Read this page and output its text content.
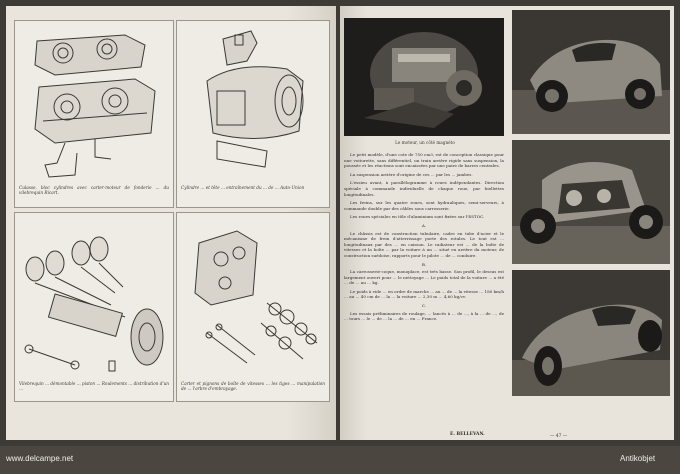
Culasse, bloc cylindres avec carter-moteur de fonderie ... du vilebrequin Ricart.
Cylindre ... et tête ... entraînement du ... de ... Auto-Union
Vilebrequin ... démontable ... piston ... Roulements ... distribution d'un ...
Carter et pignons de boîte de vitesses ... les tiges ... manipulation de ... l'arbre d'embrayage.
Le moteur, un côté magnéto

Le petit modèle, d'une cote de 750 cm3, est de conception classique pour une voiturette, sans différentiel, un train arrière rigide sans suspension, la poussée et les réactions sont encaissées par une paire de barres centrales.

La suspension arrière d'origine de ces ... par les ... jambes.

L'essieu avant, à parallélogramme à roues indépendantes. Direction spéciale à commande individuelle de chaque roue, par biellettes longitudinales.

Les freins, sur les quatre roues, sont hydrauliques, semi-serveurs, à commande double par des câbles sous carrosserie.

Les roues spéciales en tôle d'aluminium sont fixées sur l'ESTOC.

A.

Le châssis est de construction tubulaire, cadre en tube d'acier et le mécanisme de frein d'atterrissage porte des rotules. Le tout est ... longitudinaux par des ... en caisson. Le radiateur est ... de la boîte de vitesses et la boîte ... par la voiture à un ... situé en arrière du moteur, de construction suédoise, rapports pour le pilote ... de ... conduire.

B.

La carrosserie-coque, monoplace, est très basse. Son profil, le dessus est largement ouvert pour ... le nettoyage ... Le poids total de la voiture ... a été ... de ... au ... kg.

Le poids à vide ... en ordre de marche ... au ... de ... la vitesse ... 180 km/h ... au ... 40 cm de ... la ... la voiture ... 2,30 m ... 4,60 kg/cv.

C.

Les essais préliminaires de roulage, ... lancés à ... de ..., à la ... de ..., de ... tours ... le ... de ... la ... de ... en ... France.

E. BELLEVAN.	— 47 —
www.delcampe.net	Antikobjet
